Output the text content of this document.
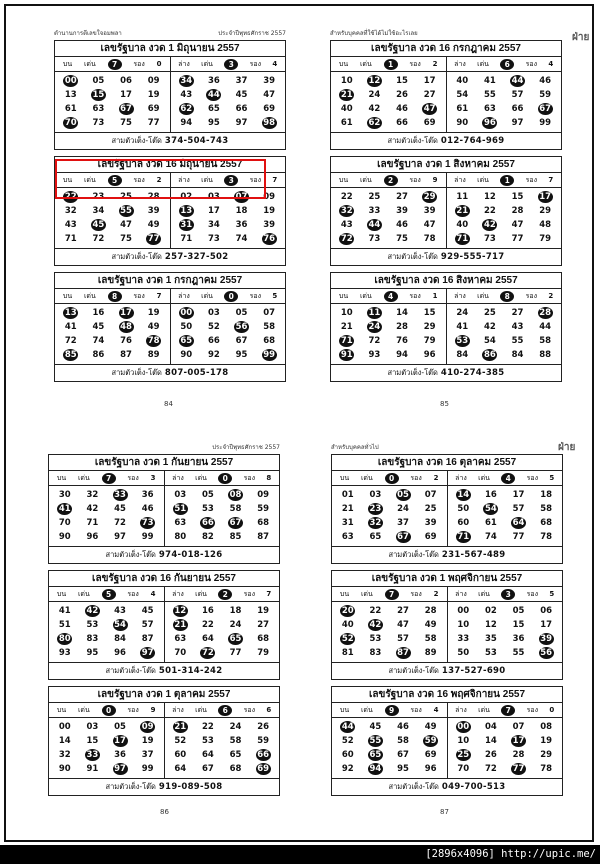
ตำนานการตีเลขใจอมพลา	ประจำปีพุทธศักราช 2557
เลขรัฐบาล งวด 1 มิถุนายน 2557
บน เด่น	7	รอง 0 ล่าง เด่น	3	รอง 4
00	05	06	09
13	15	17	19
61	63	67	69
70	73	75	77
34	36	37	39
43	44	45	47
62	65	66	69
94	95	97	98
สามตัวเต็ง-โต๊ด 374-504-743
เลขรัฐบาล งวด 16 มิถุนายน 2557
บน เด่น	5	รอง 2 ล่าง เด่น	3	รอง 7
22	23	25	28
32	34	55	39
43	45	47	49
71	72	75	77
02	03	07	09
13	17	18	19
31	34	36	39
71	73	74	76
สามตัวเต็ง-โต๊ด 257-327-502
เลขรัฐบาล งวด 1 กรกฎาคม 2557
บน เด่น	8	รอง 7 ล่าง เด่น	0	รอง 5
13	16	17	19
41	45	48	49
72	74	76	78
85	86	87	89
00	03	05	07
50	52	56	58
65	66	67	68
90	92	95	99
สามตัวเต็ง-โต๊ด 807-005-178
84
สำหรับบุคคลที่ใช้ได้ไม่ใช้อะไรเลย
เลขรัฐบาล งวด 16 กรกฎาคม 2557
บน เด่น	1	รอง 2 ล่าง เด่น	6	รอง 4
10	12	15	17
21	24	26	27
40	42	46	47
61	62	66	69
40	41	44	46
54	55	57	59
61	63	66	67
90	96	97	99
สามตัวเต็ง-โต๊ด 012-764-969
เลขรัฐบาล งวด 1 สิงหาคม 2557
บน เด่น	2	รอง 9 ล่าง เด่น	1	รอง 7
22	25	27	29
32	33	39	39
43	44	46	47
72	73	75	78
11	12	15	17
21	22	28	29
40	42	47	48
71	73	77	79
สามตัวเต็ง-โต๊ด 929-555-717
เลขรัฐบาล งวด 16 สิงหาคม 2557
บน เด่น	4	รอง 1 ล่าง เด่น	8	รอง 2
10	11	14	15
21	24	28	29
71	72	76	79
91	93	94	96
24	25	27	28
41	42	43	44
53	54	55	58
84	86	84	88
สามตัวเต็ง-โต๊ด 410-274-385
ฝ่าย
85
ประจำปีพุทธศักราช 2557
เลขรัฐบาล งวด 1 กันยายน 2557
บน เด่น	7	รอง 3 ล่าง เด่น	0	รอง 8
30	32	33	36
41	42	45	46
70	71	72	73
90	96	97	99
03	05	08	09
51	53	58	59
63	66 67	68
80	82	85	87
สามตัวเต็ง-โต๊ด 974-018-126
เลขรัฐบาล งวด 16 กันยายน 2557
บน เด่น	5	รอง 4 ล่าง เด่น	2	รอง 7
41	42	43	45
51	53	54	57
80	83	84	87
93	95	96	97
12	16	18	19
21	22	24	27
63	64	65	68
70	72	77	79
สามตัวเต็ง-โต๊ด 501-314-242
เลขรัฐบาล งวด 1 ตุลาคม 2557
บน เด่น	0	รอง 9 ล่าง เด่น	6	รอง 6
00	03	05	09
14	15	17	19
32	33	36	37
90	91	97	99
21	22	24	26
52	53	58	59
60	64	65	66
64	67	68	69
สามตัวเต็ง-โต๊ด 919-089-508
86
สำหรับบุคคลทั่วไป
เลขรัฐบาล งวด 16 ตุลาคม 2557
บน เด่น	0	รอง 2 ล่าง เด่น	4	รอง 5
01	03	05	07
21	23	24	25
31	32	37	39
63	65	67	69
14	16	17	18
50	54	57	58
60	61	64	68
71	74	77	78
สามตัวเต็ง-โต๊ด 231-567-489
เลขรัฐบาล งวด 1 พฤศจิกายน 2557
บน เด่น	7	รอง 2 ล่าง เด่น	3	รอง 5
20	22	27	28
40	42	47	49
52	53	57	58
81	83	87	89
00	02	05	06
10	12	15	17
33	35	36	39
50	53	55	56
สามตัวเต็ง-โต๊ด 137-527-690
เลขรัฐบาล งวด 16 พฤศจิกายน 2557
บน เด่น	9	รอง 4 ล่าง เด่น	7	รอง 0
44	45	46	49
52	55	58	59
60	65	67	69
92	94	95	96
00	04	07	08
10	14	17	19
25	26	28	29
70	72	77	78
สามตัวเต็ง-โต๊ด 049-700-513
ฝ่าย
87
[2896x4096] http://upic.me/
